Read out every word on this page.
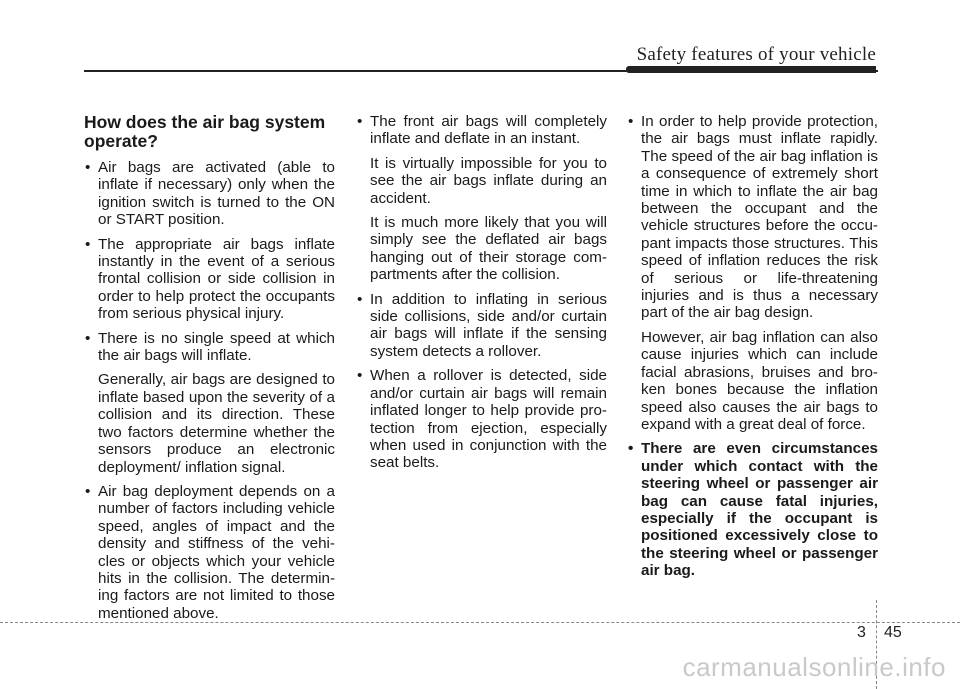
Safety features of your vehicle
How does the air bag system operate?

• Air bags are activated (able to inflate if necessary) only when the ignition switch is turned to the ON or START position.

• The appropriate air bags inflate instantly in the event of a serious frontal collision or side collision in order to help protect the occupants from serious physical injury.

• There is no single speed at which the air bags will inflate.

Generally, air bags are designed to inflate based upon the severity of a collision and its direction. These two factors determine whether the sensors produce an electronic deployment/ inflation signal.

• Air bag deployment depends on a number of factors including vehicle speed, angles of impact and the density and stiffness of the vehi-cles or objects which your vehicle hits in the collision. The determin-ing factors are not limited to those mentioned above.

• The front air bags will completely inflate and deflate in an instant.

It is virtually impossible for you to see the air bags inflate during an accident.

It is much more likely that you will simply see the deflated air bags hanging out of their storage com-partments after the collision.

• In addition to inflating in serious side collisions, side and/or curtain air bags will inflate if the sensing system detects a rollover.

• When a rollover is detected, side and/or curtain air bags will remain inflated longer to help provide pro-tection from ejection, especially when used in conjunction with the seat belts.

• In order to help provide protection, the air bags must inflate rapidly. The speed of the air bag inflation is a consequence of extremely short time in which to inflate the air bag between the occupant and the vehicle structures before the occu-pant impacts those structures. This speed of inflation reduces the risk of serious or life-threatening injuries and is thus a necessary part of the air bag design.

However, air bag inflation can also cause injuries which can include facial abrasions, bruises and bro-ken bones because the inflation speed also causes the air bags to expand with a great deal of force.

• There are even circumstances under which contact with the steering wheel or passenger air bag can cause fatal injuries, especially if the occupant is positioned excessively close to the steering wheel or passenger air bag.

3 45
carmanualsonline.info
